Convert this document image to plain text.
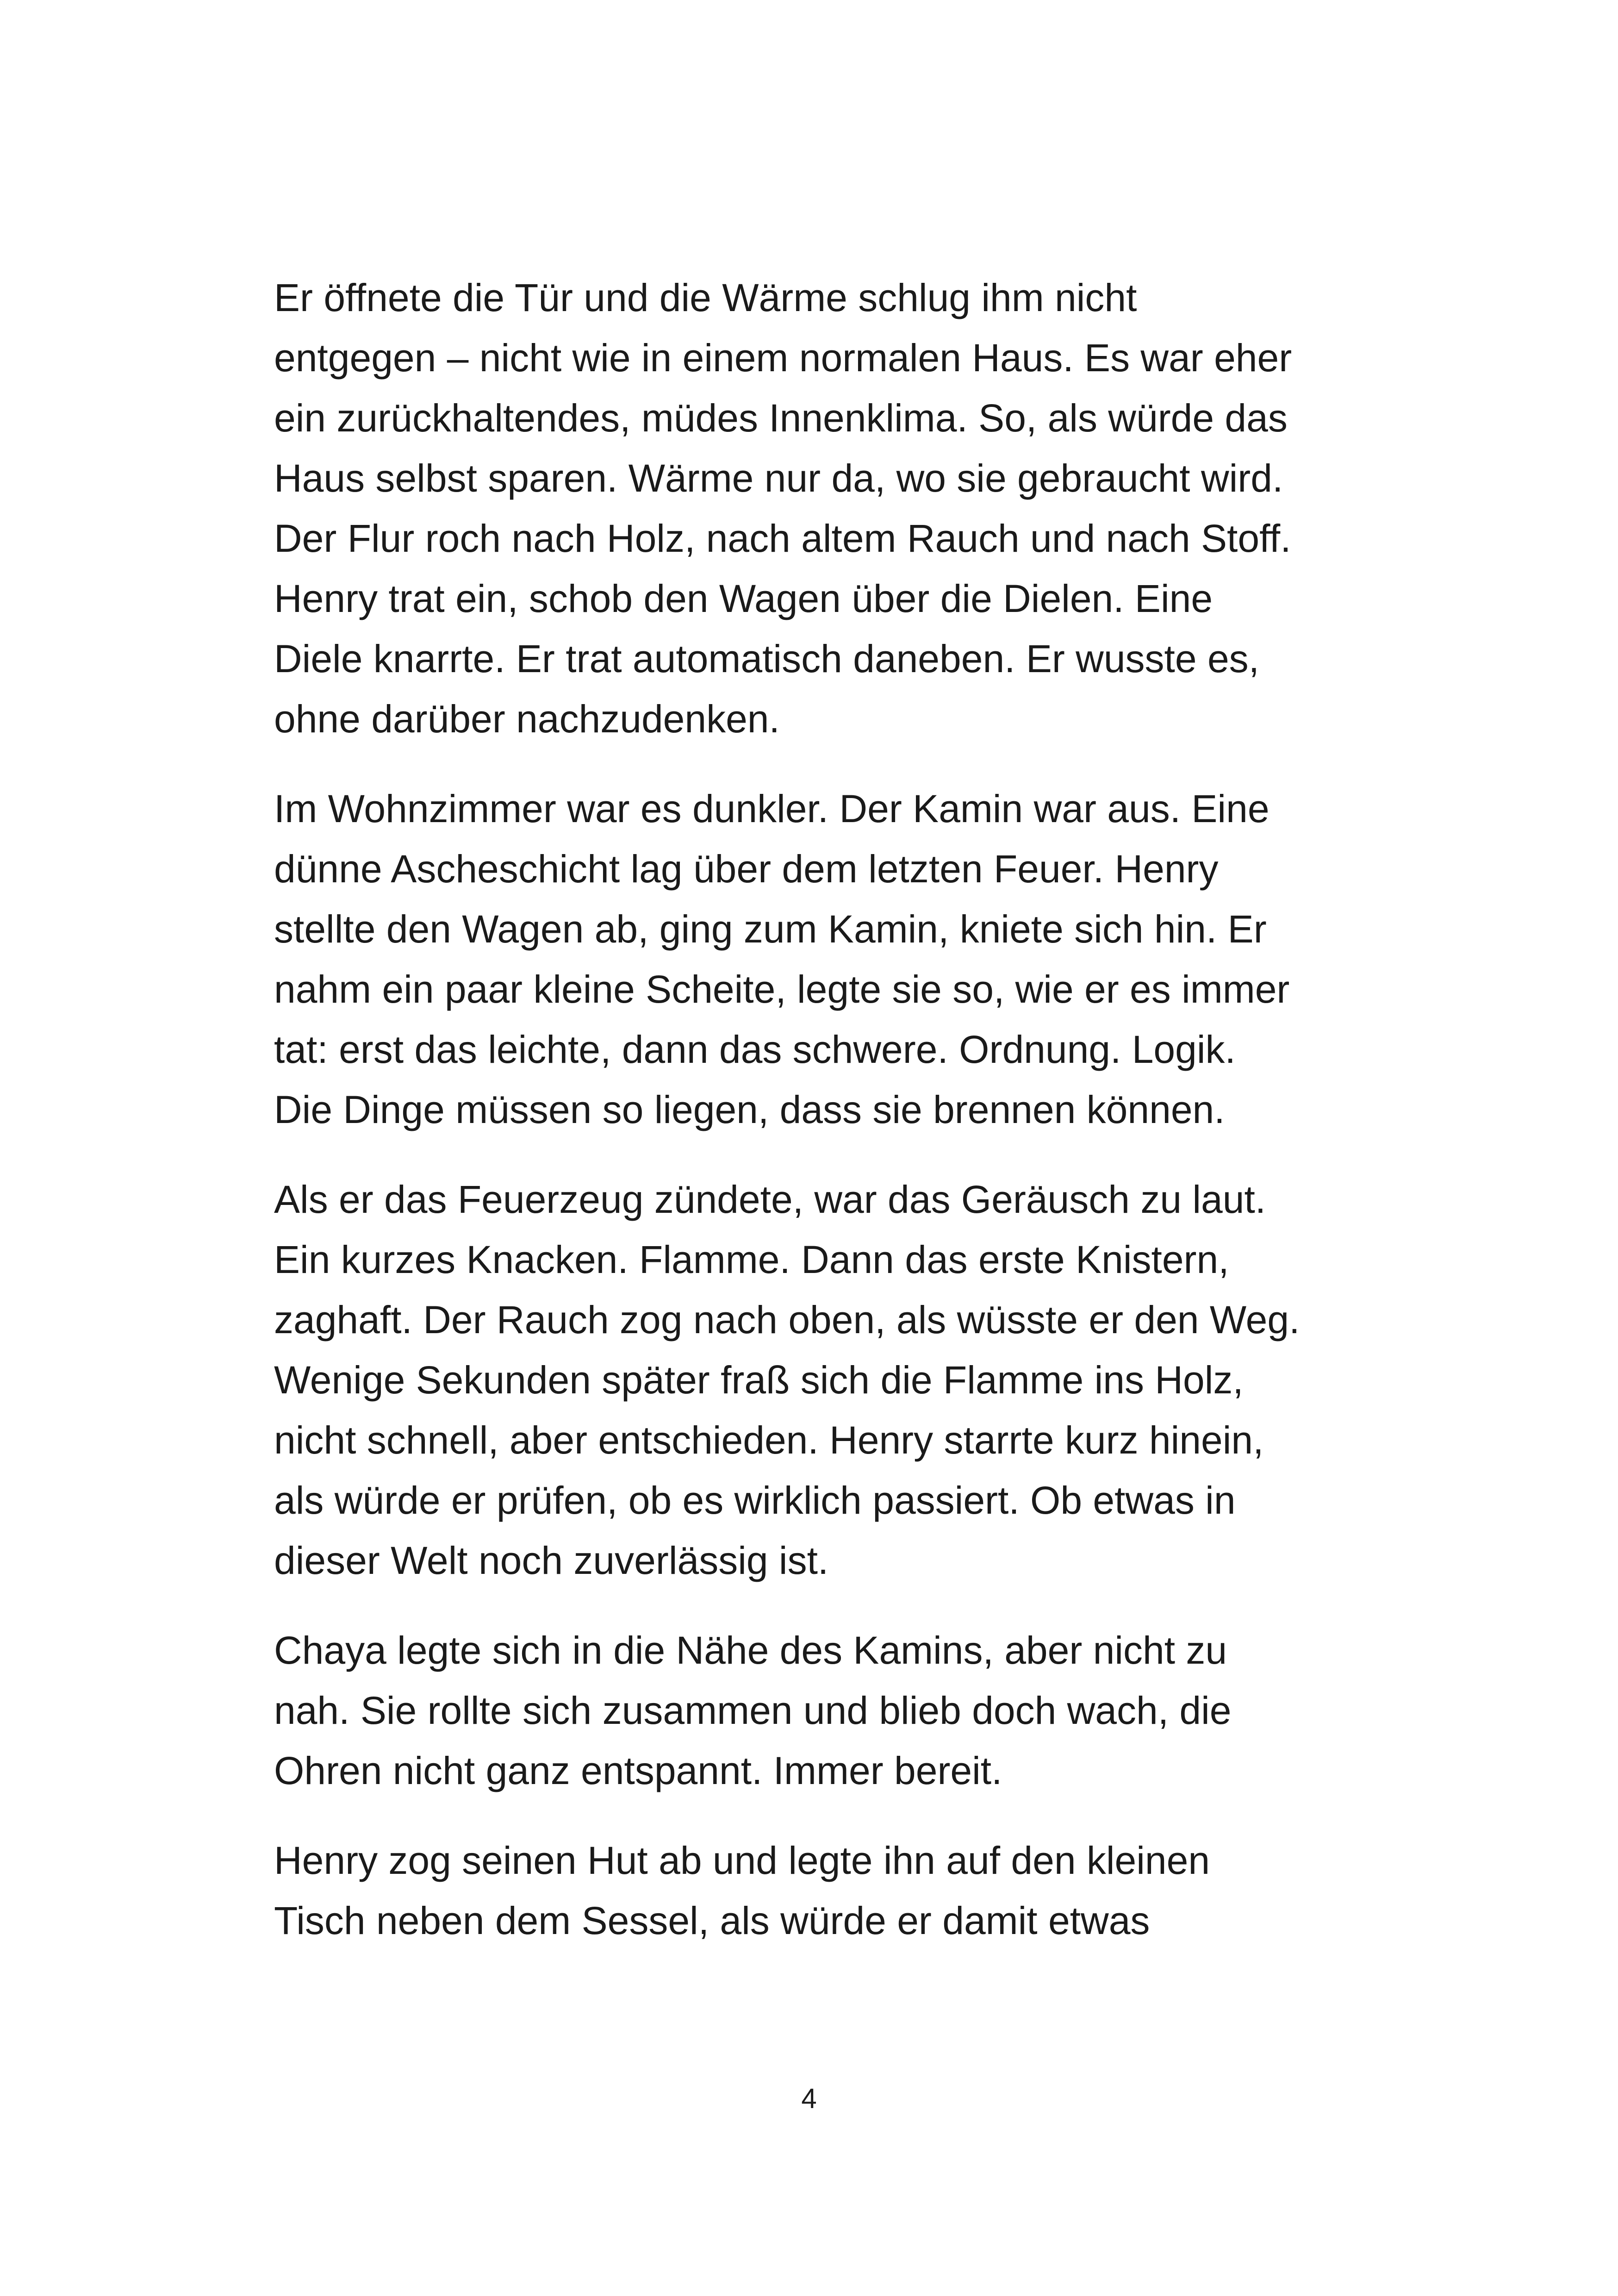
Er öffnete die Tür und die Wärme schlug ihm nicht
entgegen – nicht wie in einem normalen Haus. Es war eher
ein zurückhaltendes, müdes Innenklima. So, als würde das
Haus selbst sparen. Wärme nur da, wo sie gebraucht wird.
Der Flur roch nach Holz, nach altem Rauch und nach Stoff.
Henry trat ein, schob den Wagen über die Dielen. Eine
Diele knarrte. Er trat automatisch daneben. Er wusste es,
ohne darüber nachzudenken.

Im Wohnzimmer war es dunkler. Der Kamin war aus. Eine
dünne Ascheschicht lag über dem letzten Feuer. Henry
stellte den Wagen ab, ging zum Kamin, kniete sich hin. Er
nahm ein paar kleine Scheite, legte sie so, wie er es immer
tat: erst das leichte, dann das schwere. Ordnung. Logik.
Die Dinge müssen so liegen, dass sie brennen können.

Als er das Feuerzeug zündete, war das Geräusch zu laut.
Ein kurzes Knacken. Flamme. Dann das erste Knistern,
zaghaft. Der Rauch zog nach oben, als wüsste er den Weg.
Wenige Sekunden später fraß sich die Flamme ins Holz,
nicht schnell, aber entschieden. Henry starrte kurz hinein,
als würde er prüfen, ob es wirklich passiert. Ob etwas in
dieser Welt noch zuverlässig ist.

Chaya legte sich in die Nähe des Kamins, aber nicht zu
nah. Sie rollte sich zusammen und blieb doch wach, die
Ohren nicht ganz entspannt. Immer bereit.

Henry zog seinen Hut ab und legte ihn auf den kleinen
Tisch neben dem Sessel, als würde er damit etwas

4
